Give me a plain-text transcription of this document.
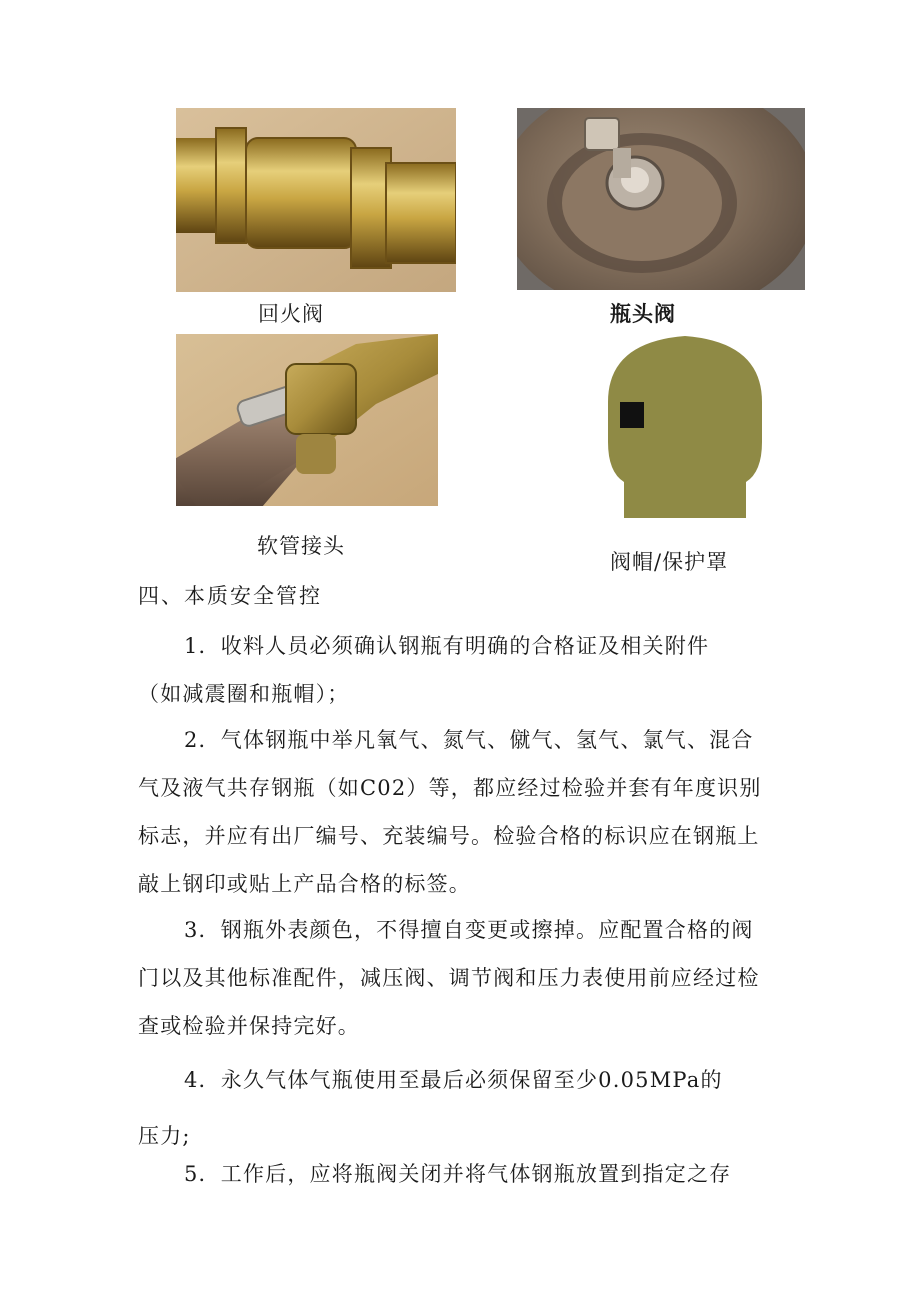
回火阀	瓶头阀
软管接头
阀帽/保护罩
四、本质安全管控
1．收料人员必须确认钢瓶有明确的合格证及相关附件
（如减震圈和瓶帽）；
2．气体钢瓶中举凡氧气、氮气、僦气、氢气、氯气、混合
气及液气共存钢瓶（如C02）等，都应经过检验并套有年度识别
标志，并应有出厂编号、充装编号。检验合格的标识应在钢瓶上
敲上钢印或贴上产品合格的标签。
3．钢瓶外表颜色，不得擅自变更或擦掉。应配置合格的阀
门以及其他标准配件，减压阀、调节阀和压力表使用前应经过检
查或检验并保持完好。
4．永久气体气瓶使用至最后必须保留至少0.05MPa的
压力;
5．工作后，应将瓶阀关闭并将气体钢瓶放置到指定之存
